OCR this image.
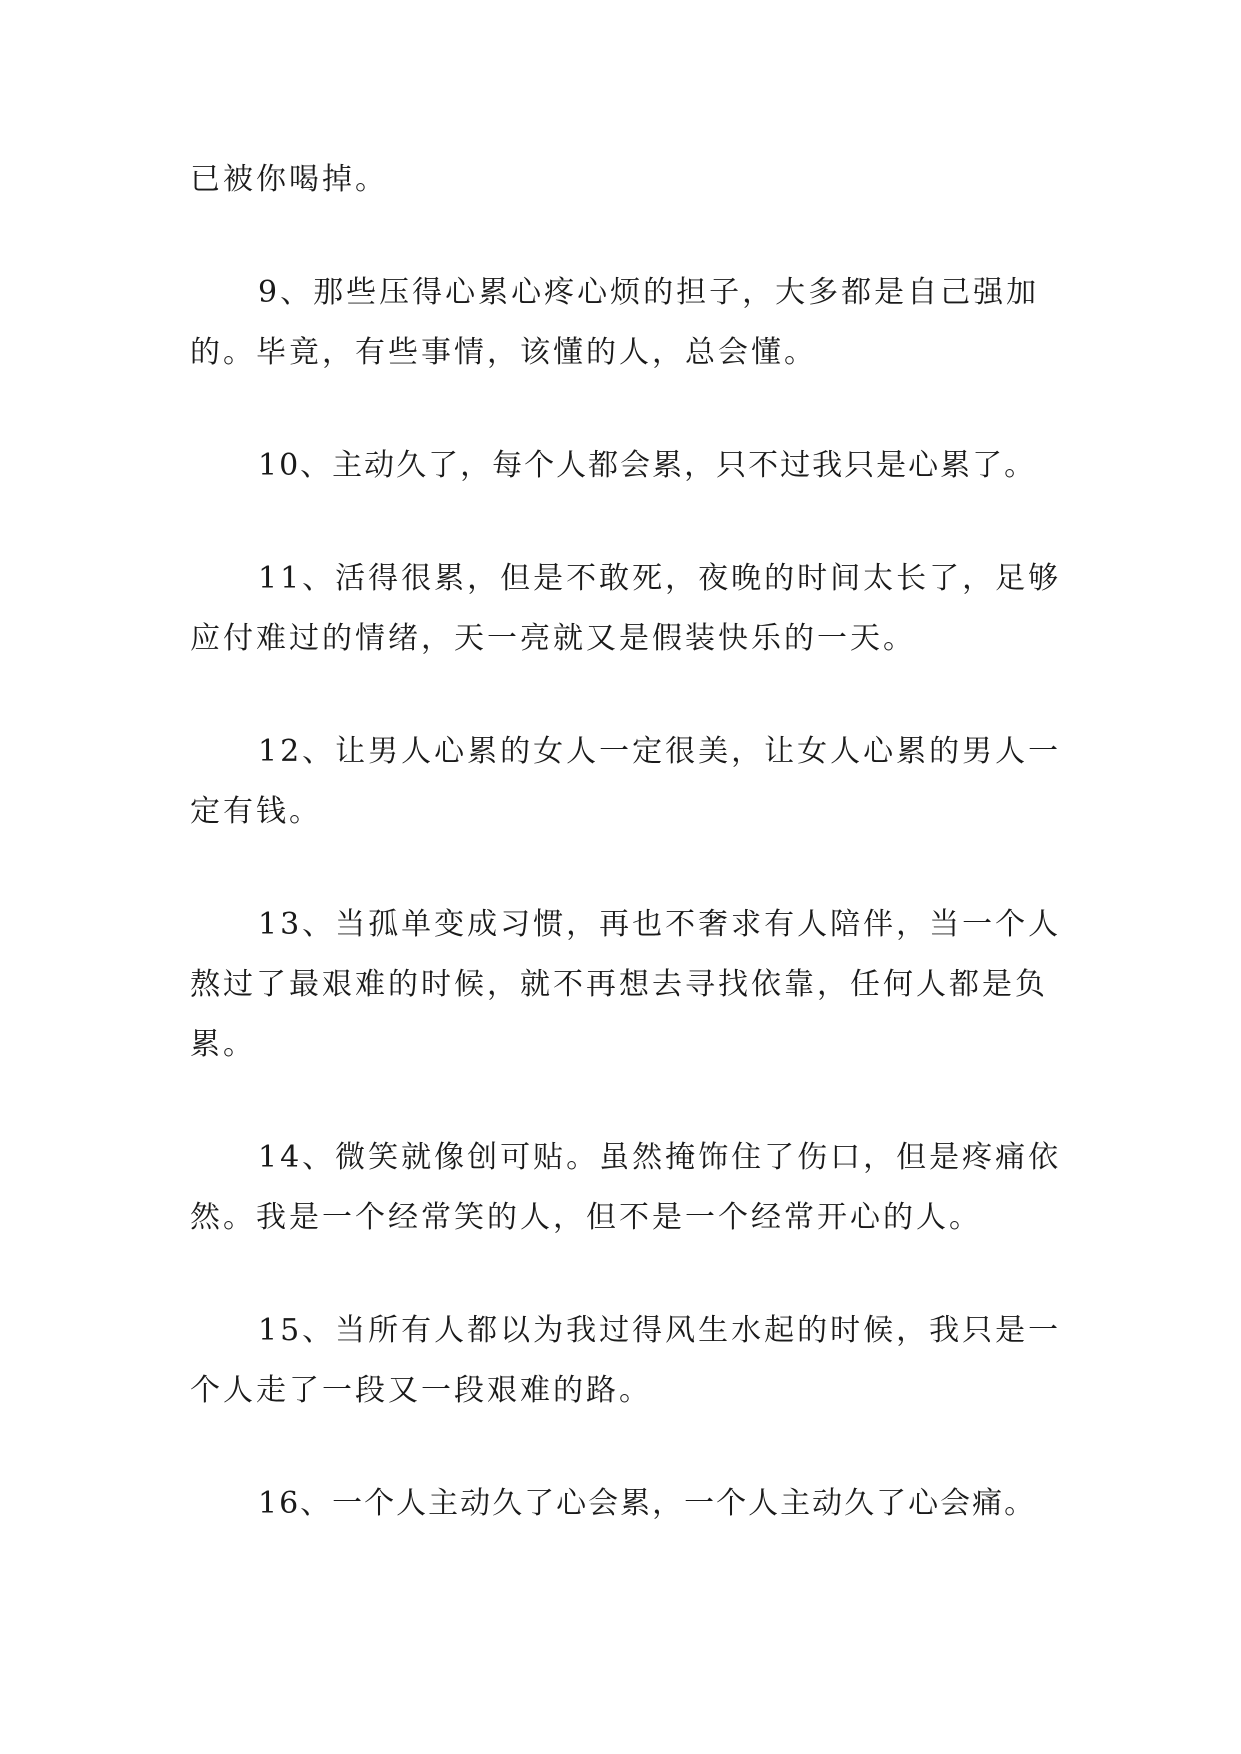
已被你喝掉。

9、那些压得心累心疼心烦的担子，大多都是自己强加的。毕竟，有些事情，该懂的人，总会懂。

10、主动久了，每个人都会累，只不过我只是心累了。

11、活得很累，但是不敢死，夜晚的时间太长了，足够应付难过的情绪，天一亮就又是假装快乐的一天。

12、让男人心累的女人一定很美，让女人心累的男人一定有钱。

13、当孤单变成习惯，再也不奢求有人陪伴，当一个人熬过了最艰难的时候，就不再想去寻找依靠，任何人都是负累。

14、微笑就像创可贴。虽然掩饰住了伤口，但是疼痛依然。我是一个经常笑的人，但不是一个经常开心的人。

15、当所有人都以为我过得风生水起的时候，我只是一个人走了一段又一段艰难的路。

16、一个人主动久了心会累，一个人主动久了心会痛。
